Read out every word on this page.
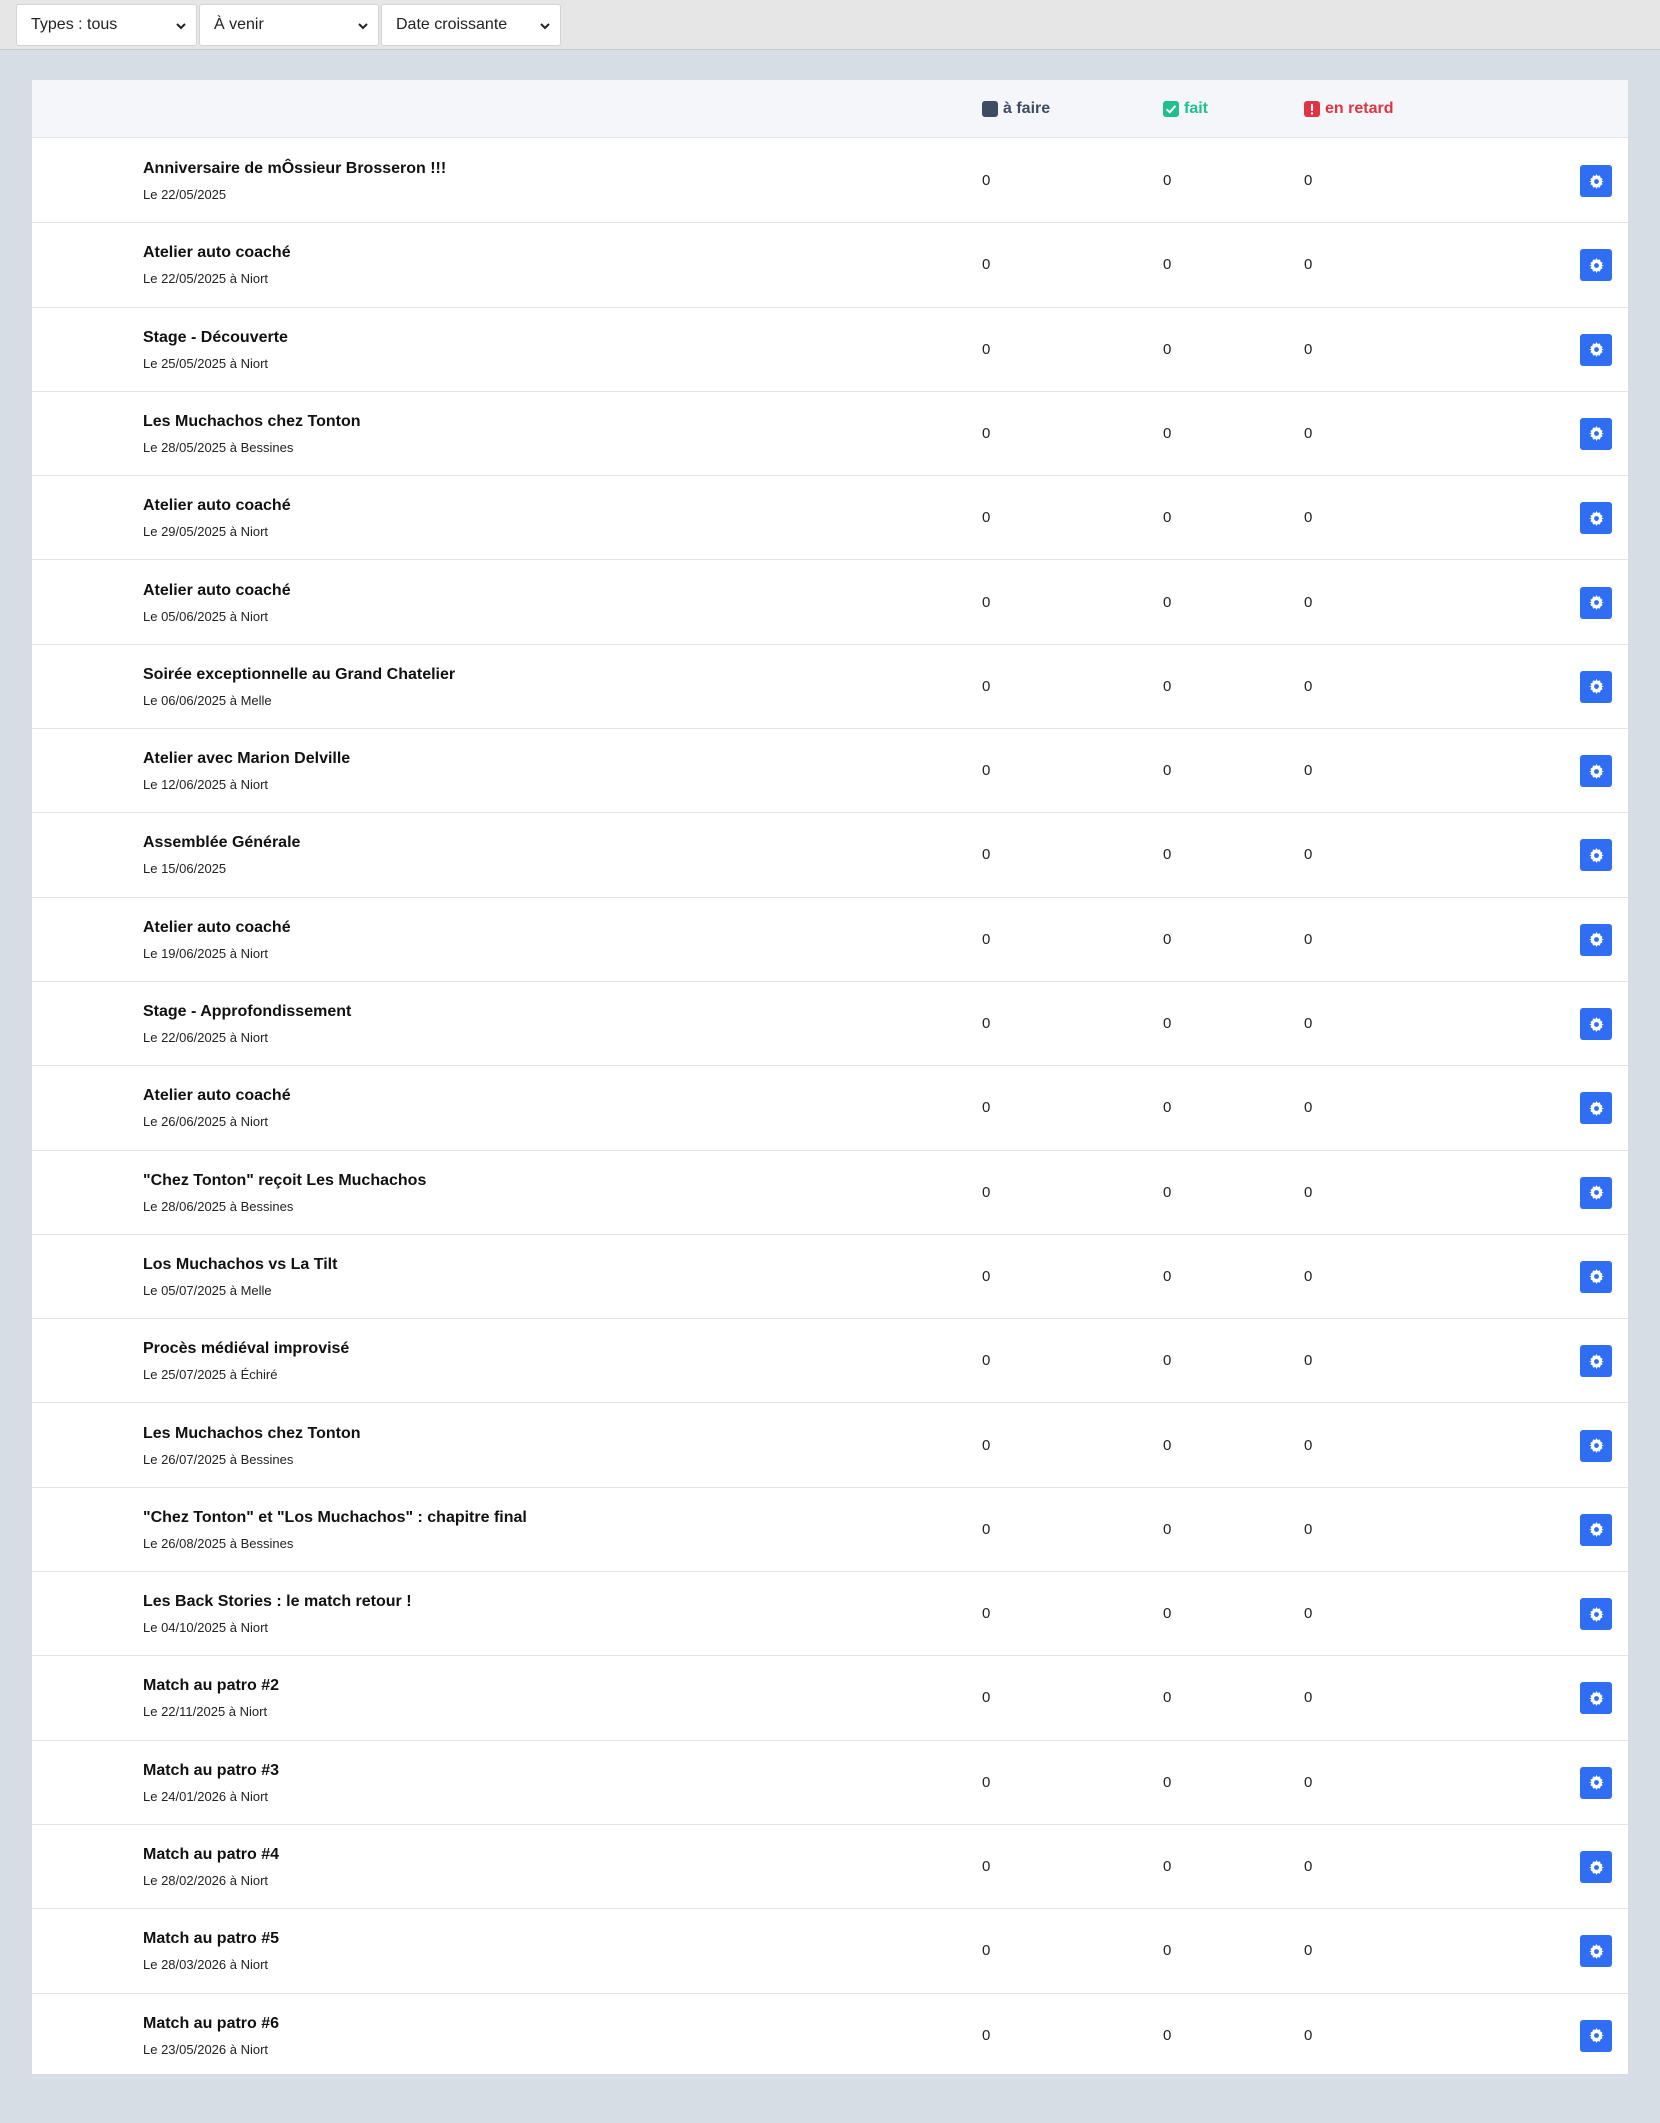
Types : tous	À venir	Date croissante
à faire	fait	en retard
Anniversaire de mÔssieur Brosseron !!!
Le 22/05/2025
0	0	0
Atelier auto coaché
Le 22/05/2025 à Niort
0	0	0
Stage - Découverte
Le 25/05/2025 à Niort
0	0	0
Les Muchachos chez Tonton
Le 28/05/2025 à Bessines
0	0	0
Atelier auto coaché
Le 29/05/2025 à Niort
0	0	0
Atelier auto coaché
Le 05/06/2025 à Niort
0	0	0
Soirée exceptionnelle au Grand Chatelier
Le 06/06/2025 à Melle
0	0	0
Atelier avec Marion Delville
Le 12/06/2025 à Niort
0	0	0
Assemblée Générale
Le 15/06/2025
0	0	0
Atelier auto coaché
Le 19/06/2025 à Niort
0	0	0
Stage - Approfondissement
Le 22/06/2025 à Niort
0	0	0
Atelier auto coaché
Le 26/06/2025 à Niort
0	0	0
"Chez Tonton" reçoit Les Muchachos
Le 28/06/2025 à Bessines
0	0	0
Los Muchachos vs La Tilt
Le 05/07/2025 à Melle
0	0	0
Procès médiéval improvisé
Le 25/07/2025 à Échiré
0	0	0
Les Muchachos chez Tonton
Le 26/07/2025 à Bessines
0	0	0
"Chez Tonton" et "Los Muchachos" : chapitre final
Le 26/08/2025 à Bessines
0	0	0
Les Back Stories : le match retour !
Le 04/10/2025 à Niort
0	0	0
Match au patro #2
Le 22/11/2025 à Niort
0	0	0
Match au patro #3
Le 24/01/2026 à Niort
0	0	0
Match au patro #4
Le 28/02/2026 à Niort
0	0	0
Match au patro #5
Le 28/03/2026 à Niort
0	0	0
Match au patro #6
Le 23/05/2026 à Niort
0	0	0
